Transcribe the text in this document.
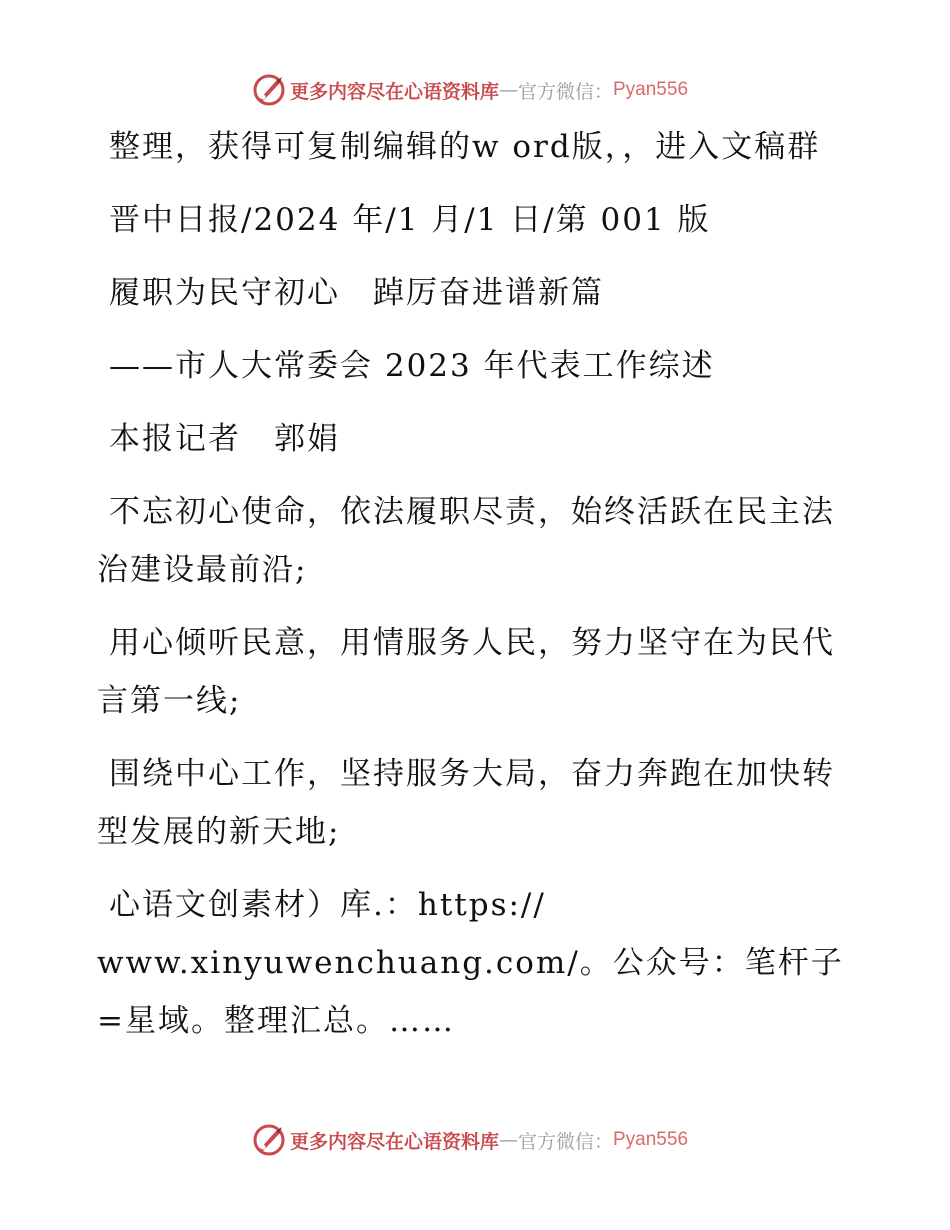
更多内容尽在心语资料库 — 官方微信： Pyan556

整理，获得可复制编辑的w ord版，，进入文稿群

晋中日报/2024 年/1 月/1 日/第 001 版

履职为民守初心　踔厉奋进谱新篇

——市人大常委会 2023 年代表工作综述

本报记者　郭娟

不忘初心使命，依法履职尽责，始终活跃在民主法治建设最前沿;

用心倾听民意，用情服务人民，努力坚守在为民代言第一线;

围绕中心工作，坚持服务大局，奋力奔跑在加快转型发展的新天地;

心语文创素材）库.：https://

www.xinyuwenchuang.com/。公众号：笔杆子=星域。整理汇总。……

更多内容尽在心语资料库 — 官方微信： Pyan556
